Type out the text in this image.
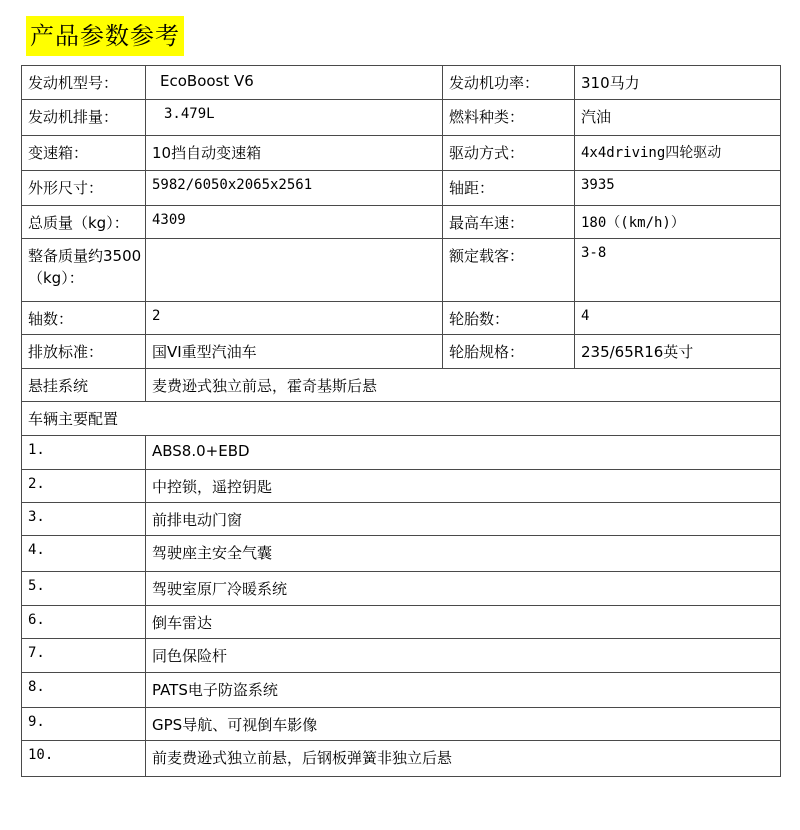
产品参数参考
发动机型号：	EcoBoost V6	发动机功率：	310马力
发动机排量：	3.479L	燃料种类：	汽油
变速箱：	10挡自动变速箱	驱动方式：	4x4driving四轮驱动
外形尺寸：	5982/6050x2065x2561	轴距：	3935
总质量（kg）：	4309	最高车速：	180（(km/h)）

整备质量约3500
（kg）：		额定载客：	3-8
轴数：	2	轮胎数：	4
排放标准：	国VI重型汽油车	轮胎规格：	235/65R16英寸
悬挂系统	麦费逊式独立前忌，霍奇基斯后悬		
车辆主要配置			
1.	ABS8.0+EBD		
2.	中控锁，遥控钥匙		
3.	前排电动门窗		
4.	驾驶座主安全气囊		
5.	驾驶室原厂冷暖系统		
6.	倒车雷达		
7.	同色保险杆		
8.	PATS电子防盗系统		
9.	GPS导航、可视倒车影像		
10.	前麦费逊式独立前悬，后钢板弹簧非独立后悬		
